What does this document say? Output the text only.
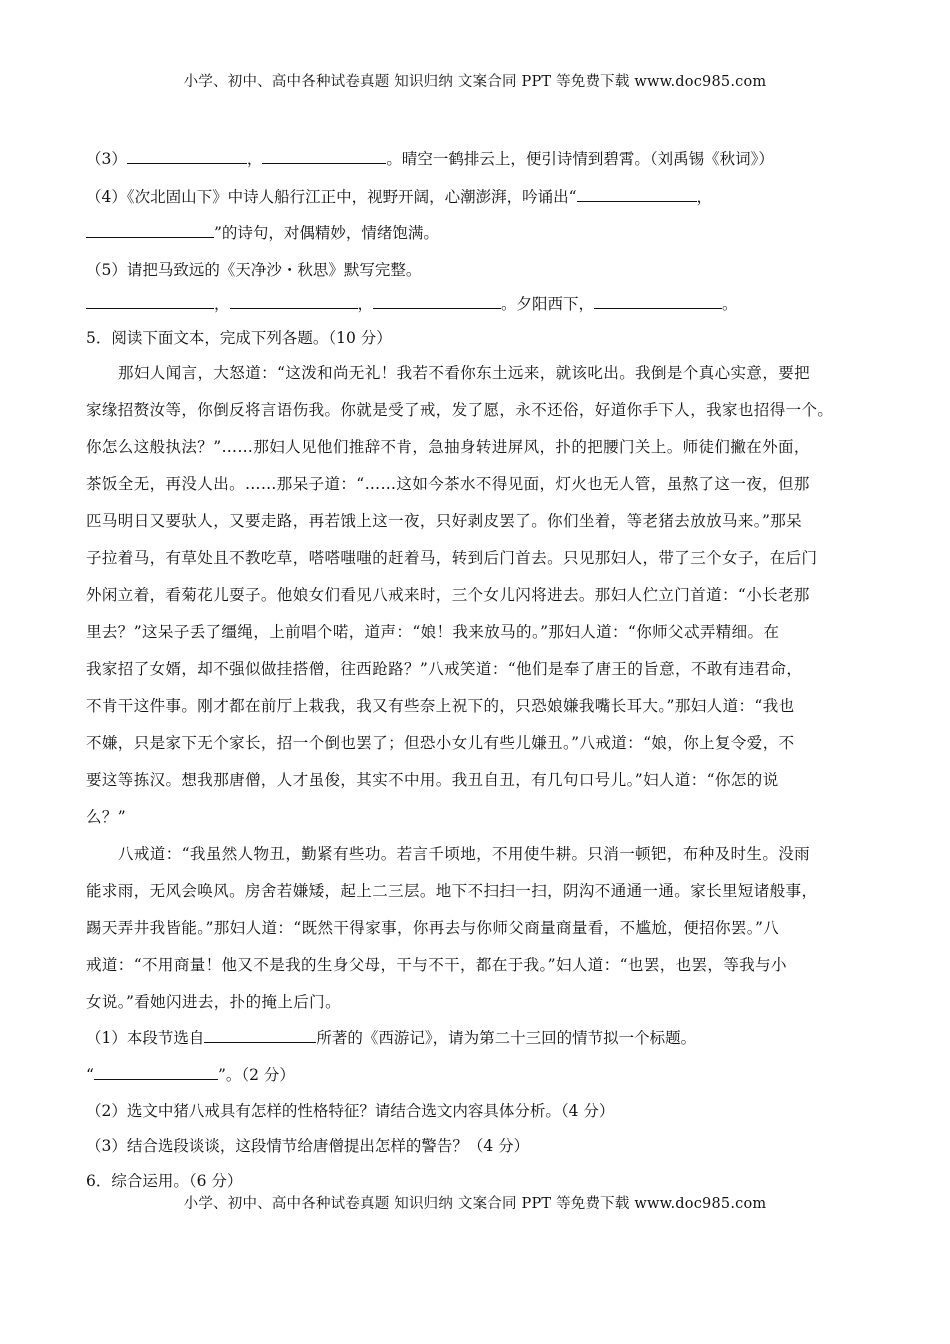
小学、初中、高中各种试卷真题 知识归纳 文案合同 PPT 等免费下载 www.doc985.com
（3）	，	。晴空一鹤排云上，便引诗情到碧霄。（刘禹锡《秋词》）
（4）《次北固山下》中诗人船行江正中，视野开阔，心潮澎湃，吟诵出“	，
”的诗句，对偶精妙，情绪饱满。
（5）请把马致远的《天净沙・秋思》默写完整。
，	，	。夕阳西下，	。
5．阅读下面文本，完成下列各题。（10 分）
那妇人闻言，大怒道：“这泼和尚无礼！我若不看你东土远来，就该叱出。我倒是个真心实意，要把
家缘招赘汝等，你倒反将言语伤我。你就是受了戒，发了愿，永不还俗，好道你手下人，我家也招得一个。
你怎么这般执法？”……那妇人见他们推辞不肯，急抽身转进屏风，扑的把腰门关上。师徒们撇在外面，
茶饭全无，再没人出。……那呆子道：“……这如今茶水不得见面，灯火也无人管，虽熬了这一夜，但那
匹马明日又要驮人，又要走路，再若饿上这一夜，只好剥皮罢了。你们坐着，等老猪去放放马来。”那呆
子拉着马，有草处且不教吃草，嗒嗒嗤嗤的赶着马，转到后门首去。只见那妇人，带了三个女子，在后门
外闲立着，看菊花儿耍子。他娘女们看见八戒来时，三个女儿闪将进去。那妇人伫立门首道：“小长老那
里去？”这呆子丢了缰绳，上前唱个喏，道声：“娘！我来放马的。”那妇人道：“你师父忒弄精细。在
我家招了女婿，却不强似做挂搭僧，往西跄路？”八戒笑道：“他们是奉了唐王的旨意，不敢有违君命，
不肯干这件事。刚才都在前厅上栽我，我又有些奈上祝下的，只恐娘嫌我嘴长耳大。”那妇人道：“我也
不嫌，只是家下无个家长，招一个倒也罢了；但恐小女儿有些儿嫌丑。”八戒道：“娘，你上复令爱，不
要这等拣汉。想我那唐僧，人才虽俊，其实不中用。我丑自丑，有几句口号儿。”妇人道：“你怎的说
么？”
八戒道：“我虽然人物丑，勤紧有些功。若言千顷地，不用使牛耕。只消一顿钯，布种及时生。没雨
能求雨，无风会唤风。房舍若嫌矮，起上二三层。地下不扫扫一扫，阴沟不通通一通。家长里短诸般事，
踢天弄井我皆能。”那妇人道：“既然干得家事，你再去与你师父商量商量看，不尴尬，便招你罢。”八
戒道：“不用商量！他又不是我的生身父母，干与不干，都在于我。”妇人道：“也罢，也罢，等我与小
女说。”看她闪进去，扑的掩上后门。
（1）本段节选自	所著的《西游记》，请为第二十三回的情节拟一个标题。
“	”。（2 分）
（2）选文中猪八戒具有怎样的性格特征？请结合选文内容具体分析。（4 分）
（3）结合选段谈谈，这段情节给唐僧提出怎样的警告？（4 分）
6．综合运用。（6 分）
小学、初中、高中各种试卷真题 知识归纳 文案合同 PPT 等免费下载 www.doc985.com
